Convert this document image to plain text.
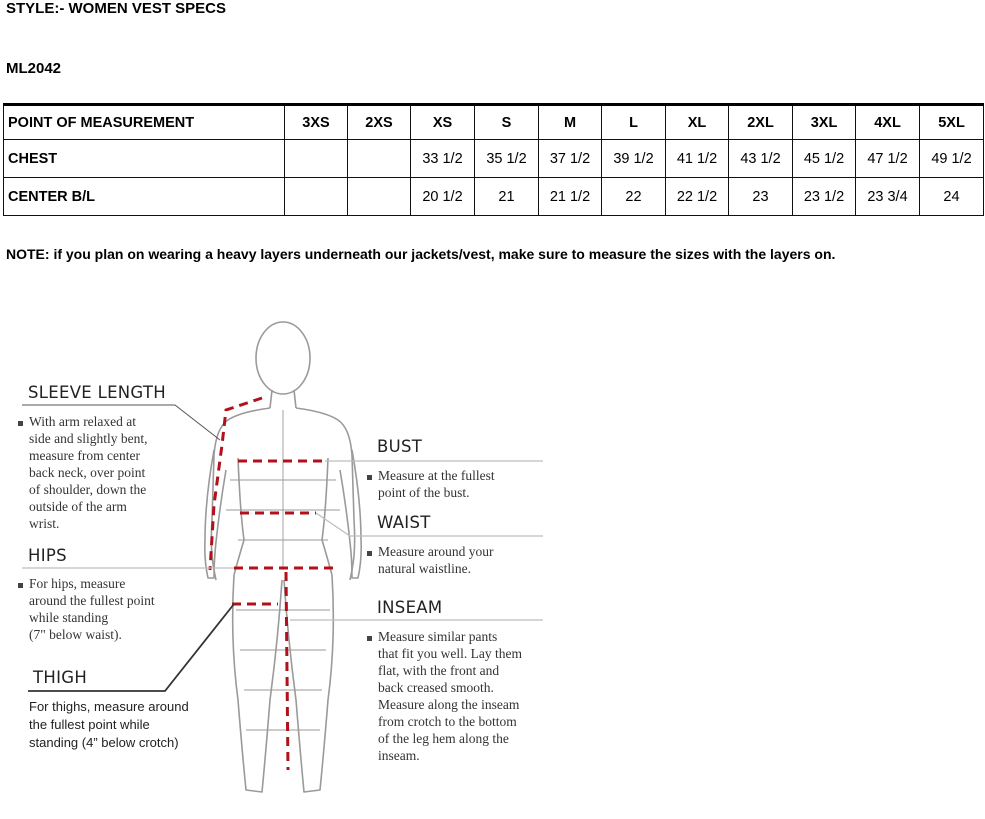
STYLE:- WOMEN VEST SPECS
ML2042
POINT OF MEASUREMENT	3XS	2XS	XS	S	M	L	XL	2XL	3XL	4XL	5XL
CHEST			33 1/2	35 1/2	37 1/2	39 1/2	41 1/2	43 1/2	45 1/2	47 1/2	49 1/2
CENTER B/L			20 1/2	21	21 1/2	22	22 1/2	23	23 1/2	23 3/4	24
NOTE: if you plan on wearing a heavy layers underneath our jackets/vest, make sure to measure the sizes with the layers on.
SLEEVE LENGTH
With arm relaxed at
side and slightly bent,
measure from center
back neck, over point
of shoulder, down the
outside of the arm
wrist.
HIPS
For hips, measure
around the fullest point
while standing
(7" below waist).
THIGH
For thighs, measure around
the fullest point while
standing (4” below crotch)
BUST
Measure at the fullest
point of the bust.
WAIST
Measure around your
natural waistline.
INSEAM
Measure similar pants
that fit you well. Lay them
flat, with the front and
back creased smooth.
Measure along the inseam
from crotch to the bottom
of the leg hem along the
inseam.
